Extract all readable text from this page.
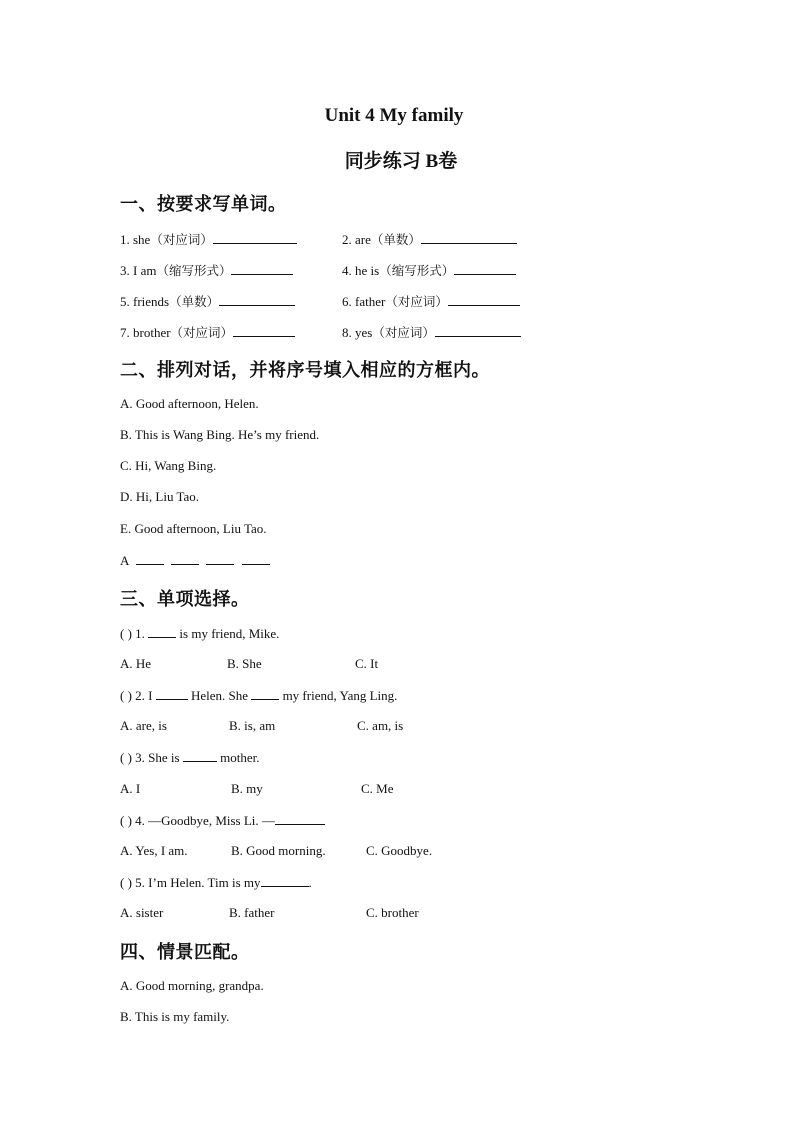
Unit 4 My family
同步练习 B卷
一、按要求写单词。
1. she（对应词）	2. are（单数）
3. I am（缩写形式）	4. he is（缩写形式）
5. friends（单数）	6. father（对应词）
7. brother（对应词）	8. yes（对应词）
二、排列对话，并将序号填入相应的方框内。
A. Good afternoon, Helen.
B. This is Wang Bing. He’s my friend.
C. Hi, Wang Bing.
D. Hi, Liu Tao.
E. Good afternoon, Liu Tao.
A
三、单项选择。
( ) 1.  is my friend, Mike.
A. He	B. She	C. It
( ) 2. I  Helen. She  my friend, Yang Ling.
A. are, is	B. is, am	C. am, is
( ) 3. She is	mother.
A. I	B. my	C. Me
( ) 4. —Goodbye, Miss Li. —
A. Yes, I am.	B. Good morning.	C. Goodbye.
( ) 5. I’m Helen. Tim is my	.
A. sister	B. father	C. brother
四、情景匹配。
A. Good morning, grandpa.
B. This is my family.
